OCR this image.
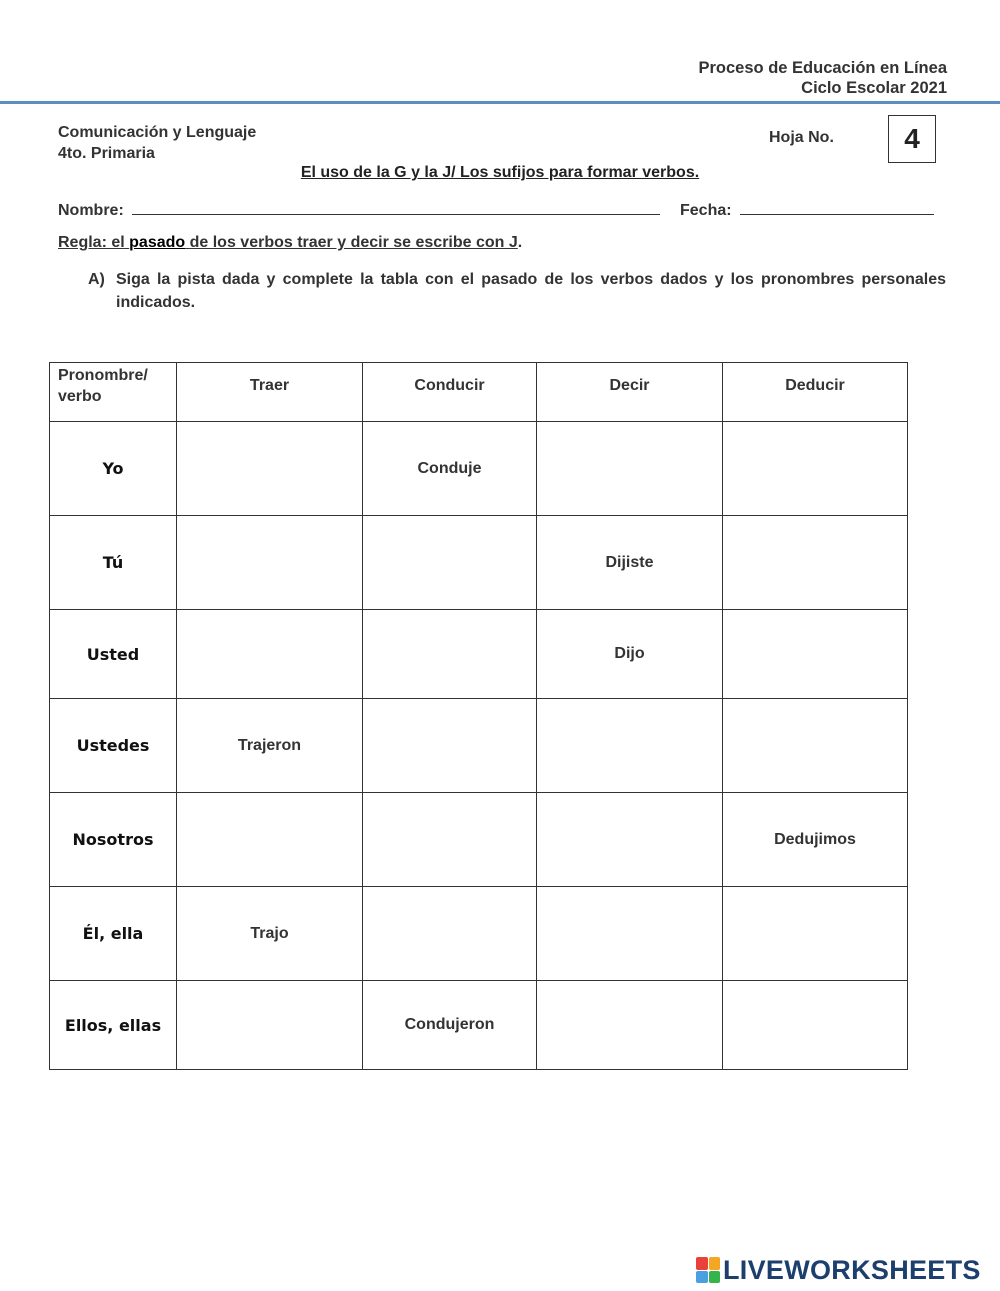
Proceso de Educación en Línea
Ciclo Escolar 2021
Comunicación y Lenguaje
4to. Primaria
Hoja No.	4
El uso de la G y la J/ Los sufijos para formar verbos.
Nombre:	Fecha:
Regla: el pasado de los verbos traer y decir se escribe con J.
A) Siga la pista dada y complete la tabla con el pasado de los verbos dados y los pronombres personales indicados.
Pronombre/
verbo	Traer	Conducir	Decir	Deducir
Yo		Conduje		
Tú			Dijiste	
Usted			Dijo	
Ustedes	Trajeron			
Nosotros				Dedujimos
Él, ella	Trajo			
Ellos, ellas		Condujeron		
LIVEWORKSHEETS
